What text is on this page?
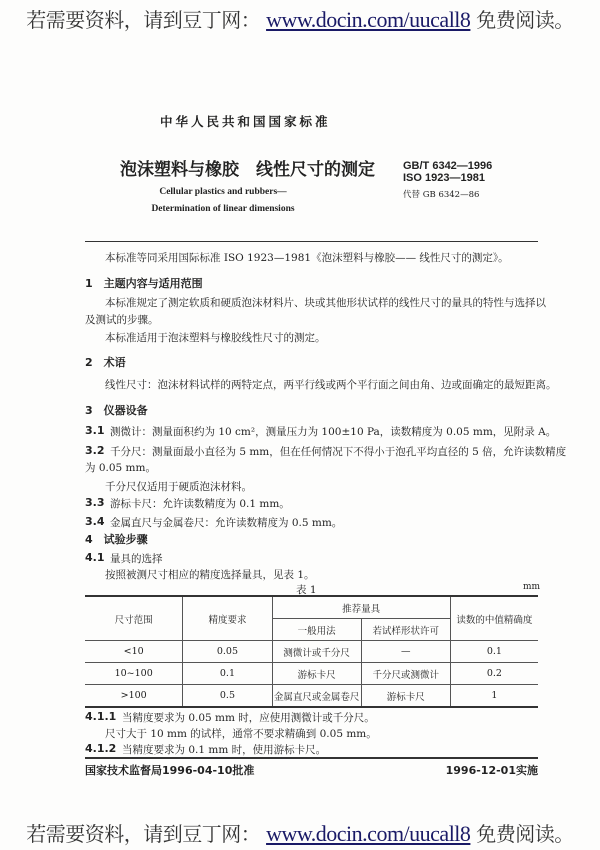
若需要资料，请到豆丁网： www.docin.com/uucall8 免费阅读。
中华人民共和国国家标准
泡沫塑料与橡胶　线性尺寸的测定	GB/T 6342—1996
ISO 1923—1981
代替 GB 6342—86
Cellular plastics and rubbers—
Determination of linear dimensions
本标准等同采用国际标准 ISO 1923—1981《泡沫塑料与橡胶—— 线性尺寸的测定》。
1　主题内容与适用范围
本标准规定了测定软质和硬质泡沫材料片、块或其他形状试样的线性尺寸的量具的特性与选择以
及测试的步骤。
本标准适用于泡沫塑料与橡胶线性尺寸的测定。
2　术语
线性尺寸：泡沫材料试样的两特定点，两平行线或两个平行面之间由角、边或面确定的最短距离。
3　仪器设备
3.1 测微计：测量面积约为 10 cm²，测量压力为 100±10 Pa，读数精度为 0.05 mm，见附录 A。
3.2 千分尺：测量面最小直径为 5 mm，但在任何情况下不得小于泡孔平均直径的 5 倍，允许读数精度
为 0.05 mm。
千分尺仅适用于硬质泡沫材料。
3.3 游标卡尺：允许读数精度为 0.1 mm。
3.4 金属直尺与金属卷尺：允许读数精度为 0.5 mm。
4　试验步骤
4.1 量具的选择
按照被测尺寸相应的精度选择量具，见表 1。
表 1	mm
尺寸范围	精度要求	推荐量具		读数的中值精确度
		一般用法	若试样形状许可	
<10	0.05	测微计或千分尺	—	0.1
10~100	0.1	游标卡尺	千分尺或测微计	0.2
>100	0.5	金属直尺或金属卷尺	游标卡尺	1
4.1.1 当精度要求为 0.05 mm 时，应使用测微计或千分尺。
尺寸大于 10 mm 的试样，通常不要求精确到 0.05 mm。
4.1.2 当精度要求为 0.1 mm 时，使用游标卡尺。
国家技术监督局1996-04-10批准	1996-12-01实施
若需要资料，请到豆丁网： www.docin.com/uucall8 免费阅读。
